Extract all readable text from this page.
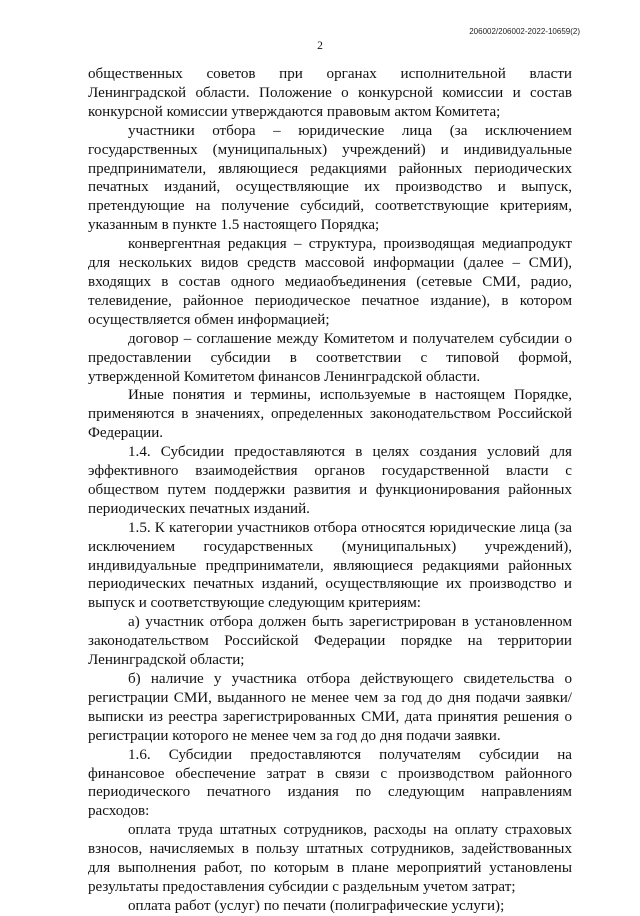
206002/206002-2022-10659(2)
2

общественных советов при органах исполнительной власти Ленинградской области. Положение о конкурсной комиссии и состав конкурсной комиссии утверждаются правовым актом Комитета;

участники отбора – юридические лица (за исключением государственных (муниципальных) учреждений) и индивидуальные предприниматели, являющиеся редакциями районных периодических печатных изданий, осуществляющие их производство и выпуск, претендующие на получение субсидий, соответствующие критериям, указанным в пункте 1.5 настоящего Порядка;

конвергентная редакция – структура, производящая медиапродукт для нескольких видов средств массовой информации (далее – СМИ), входящих в состав одного медиаобъединения (сетевые СМИ, радио, телевидение, районное периодическое печатное издание), в котором осуществляется обмен информацией;

договор – соглашение между Комитетом и получателем субсидии о предоставлении субсидии в соответствии с типовой формой, утвержденной Комитетом финансов Ленинградской области.

Иные понятия и термины, используемые в настоящем Порядке, применяются в значениях, определенных законодательством Российской Федерации.

1.4. Субсидии предоставляются в целях создания условий для эффективного взаимодействия органов государственной власти с обществом путем поддержки развития и функционирования районных периодических печатных изданий.

1.5. К категории участников отбора относятся юридические лица (за исключением государственных (муниципальных) учреждений), индивидуальные предприниматели, являющиеся редакциями районных периодических печатных изданий, осуществляющие их производство и выпуск и соответствующие следующим критериям:

а) участник отбора должен быть зарегистрирован в установленном законодательством Российской Федерации порядке на территории Ленинградской области;

б) наличие у участника отбора действующего свидетельства о регистрации СМИ, выданного не менее чем за год до дня подачи заявки/выписки из реестра зарегистрированных СМИ, дата принятия решения о регистрации которого не менее чем за год до дня подачи заявки.

1.6. Субсидии предоставляются получателям субсидии на финансовое обеспечение затрат в связи с производством районного периодического печатного издания по следующим направлениям расходов:

оплата труда штатных сотрудников, расходы на оплату страховых взносов, начисляемых в пользу штатных сотрудников, задействованных для выполнения работ, по которым в плане мероприятий установлены результаты предоставления субсидии с раздельным учетом затрат;

оплата работ (услуг) по печати (полиграфические услуги);
